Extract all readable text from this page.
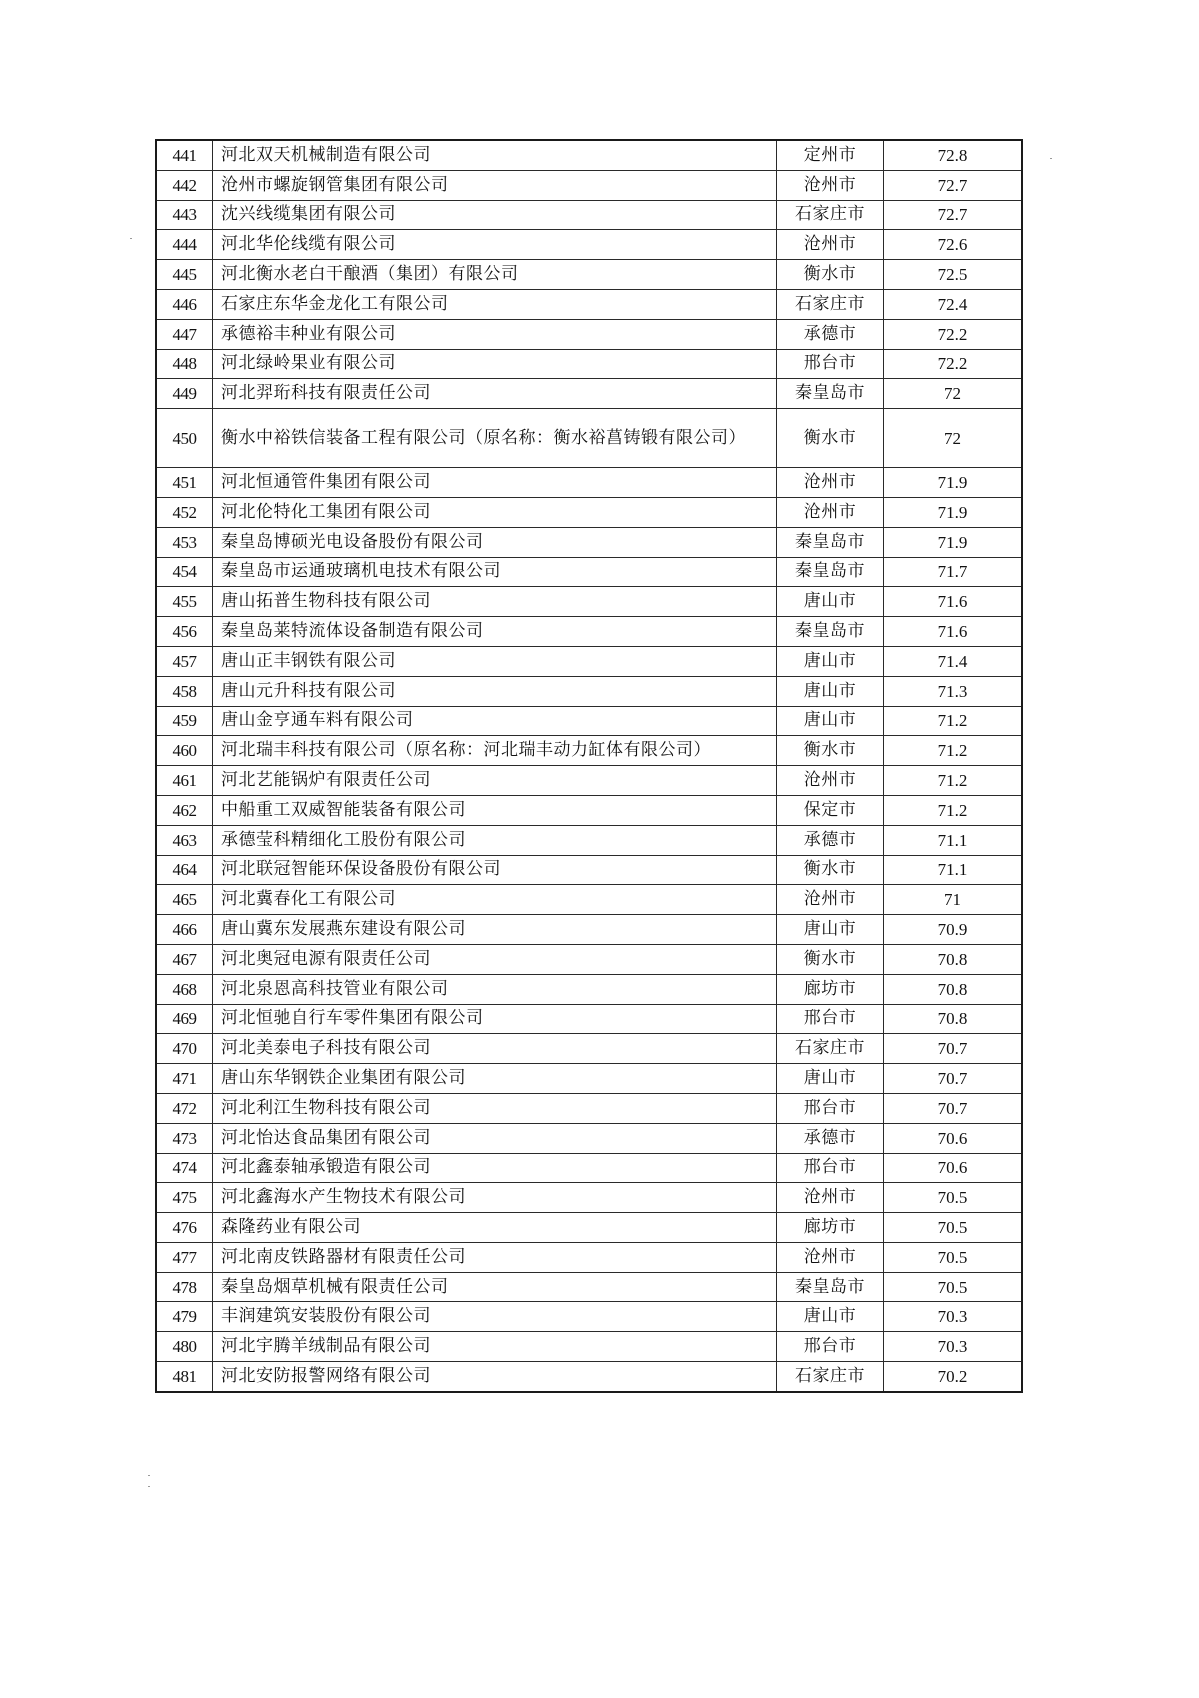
441	河北双天机械制造有限公司	定州市	72.8
442	沧州市螺旋钢管集团有限公司	沧州市	72.7
443	沈兴线缆集团有限公司	石家庄市	72.7
444	河北华伦线缆有限公司	沧州市	72.6
445	河北衡水老白干酿酒（集团）有限公司	衡水市	72.5
446	石家庄东华金龙化工有限公司	石家庄市	72.4
447	承德裕丰种业有限公司	承德市	72.2
448	河北绿岭果业有限公司	邢台市	72.2
449	河北羿珩科技有限责任公司	秦皇岛市	72
450	衡水中裕铁信装备工程有限公司（原名称：衡水裕菖铸锻有限公司）	衡水市	72
451	河北恒通管件集团有限公司	沧州市	71.9
452	河北伦特化工集团有限公司	沧州市	71.9
453	秦皇岛博硕光电设备股份有限公司	秦皇岛市	71.9
454	秦皇岛市运通玻璃机电技术有限公司	秦皇岛市	71.7
455	唐山拓普生物科技有限公司	唐山市	71.6
456	秦皇岛莱特流体设备制造有限公司	秦皇岛市	71.6
457	唐山正丰钢铁有限公司	唐山市	71.4
458	唐山元升科技有限公司	唐山市	71.3
459	唐山金亨通车料有限公司	唐山市	71.2
460	河北瑞丰科技有限公司（原名称：河北瑞丰动力缸体有限公司）	衡水市	71.2
461	河北艺能锅炉有限责任公司	沧州市	71.2
462	中船重工双威智能装备有限公司	保定市	71.2
463	承德莹科精细化工股份有限公司	承德市	71.1
464	河北联冠智能环保设备股份有限公司	衡水市	71.1
465	河北冀春化工有限公司	沧州市	71
466	唐山冀东发展燕东建设有限公司	唐山市	70.9
467	河北奥冠电源有限责任公司	衡水市	70.8
468	河北泉恩高科技管业有限公司	廊坊市	70.8
469	河北恒驰自行车零件集团有限公司	邢台市	70.8
470	河北美泰电子科技有限公司	石家庄市	70.7
471	唐山东华钢铁企业集团有限公司	唐山市	70.7
472	河北利江生物科技有限公司	邢台市	70.7
473	河北怡达食品集团有限公司	承德市	70.6
474	河北鑫泰轴承锻造有限公司	邢台市	70.6
475	河北鑫海水产生物技术有限公司	沧州市	70.5
476	森隆药业有限公司	廊坊市	70.5
477	河北南皮铁路器材有限责任公司	沧州市	70.5
478	秦皇岛烟草机械有限责任公司	秦皇岛市	70.5
479	丰润建筑安装股份有限公司	唐山市	70.3
480	河北宇腾羊绒制品有限公司	邢台市	70.3
481	河北安防报警网络有限公司	石家庄市	70.2
